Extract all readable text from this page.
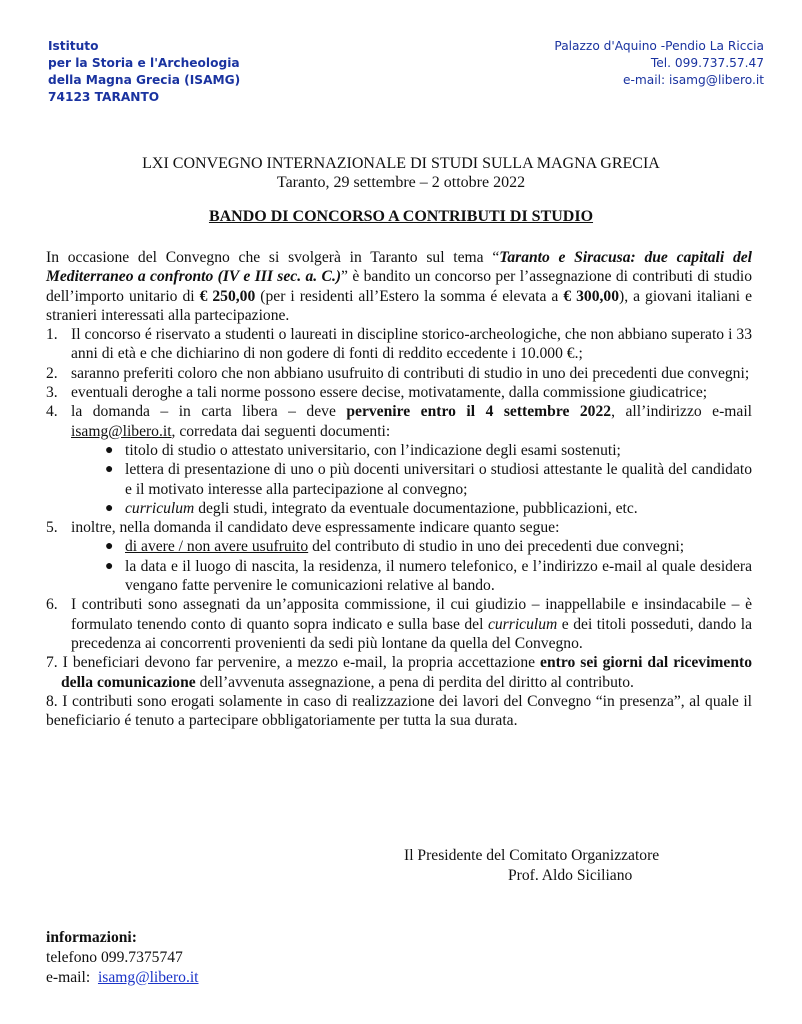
Istituto
per la Storia e l'Archeologia
della Magna Grecia (ISAMG)
74123 TARANTO
Palazzo d'Aquino -Pendio La Riccia
Tel. 099.737.57.47
e-mail: isamg@libero.it
LXI CONVEGNO INTERNAZIONALE DI STUDI SULLA MAGNA GRECIA
Taranto, 29 settembre – 2 ottobre 2022
BANDO DI CONCORSO A CONTRIBUTI DI STUDIO

In occasione del Convegno che si svolgerà in Taranto sul tema “Taranto e Siracusa: due capitali del Mediterraneo a confronto (IV e III sec. a. C.)” è bandito un concorso per l’assegnazione di contributi di studio dell’importo unitario di € 250,00 (per i residenti all’Estero la somma é elevata a € 300,00), a giovani italiani e stranieri interessati alla partecipazione.

1. Il concorso é riservato a studenti o laureati in discipline storico-archeologiche, che non abbiano superato i 33 anni di età e che dichiarino di non godere di fonti di reddito eccedente i 10.000 €.;
2. saranno preferiti coloro che non abbiano usufruito di contributi di studio in uno dei precedenti due convegni;
3. eventuali deroghe a tali norme possono essere decise, motivatamente, dalla commissione giudicatrice;
4. la domanda – in carta libera – deve pervenire entro il 4 settembre 2022, all’indirizzo e-mail isamg@libero.it, corredata dai seguenti documenti:
● titolo di studio o attestato universitario, con l’indicazione degli esami sostenuti;
● lettera di presentazione di uno o più docenti universitari o studiosi attestante le qualità del candidato e il motivato interesse alla partecipazione al convegno;
● curriculum degli studi, integrato da eventuale documentazione, pubblicazioni, etc.
5. inoltre, nella domanda il candidato deve espressamente indicare quanto segue:
● di avere / non avere usufruito del contributo di studio in uno dei precedenti due convegni;
● la data e il luogo di nascita, la residenza, il numero telefonico, e l’indirizzo e-mail al quale desidera vengano fatte pervenire le comunicazioni relative al bando.
6. I contributi sono assegnati da un’apposita commissione, il cui giudizio – inappellabile e insindacabile – è formulato tenendo conto di quanto sopra indicato e sulla base del curriculum e dei titoli posseduti, dando la precedenza ai concorrenti provenienti da sedi più lontane da quella del Convegno.

7. I beneficiari devono far pervenire, a mezzo e-mail, la propria accettazione entro sei giorni dal ricevimento della comunicazione dell’avvenuta assegnazione, a pena di perdita del diritto al contributo.

8. I contributi sono erogati solamente in caso di realizzazione dei lavori del Convegno “in presenza”, al quale il beneficiario é tenuto a partecipare obbligatoriamente per tutta la sua durata.

Il Presidente del Comitato Organizzatore
Prof. Aldo Siciliano
informazioni:
telefono 099.7375747
e-mail:  isamg@libero.it
